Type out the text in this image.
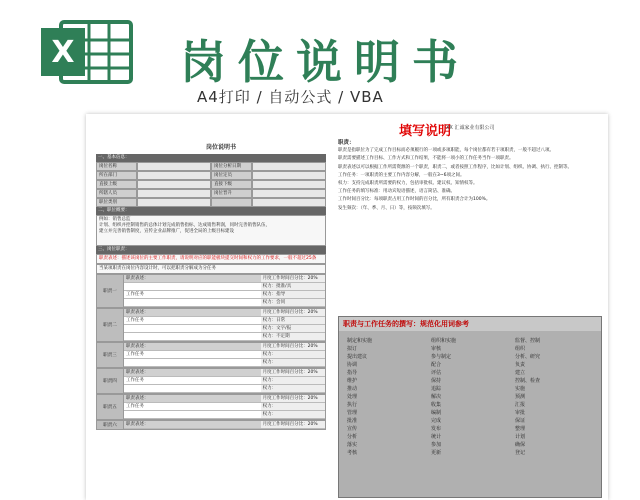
X 岗位说明书
A4打印 / 自动公式 / VBA
岗位说明书
一、基本信息：
岗位名称	岗位分析日期
所在部门	岗位定员
直接上级	直接下级
所辖人员	岗位晋升
职位类别
二、职位概要：
例如：销售总监
计划、组织并控制销售的总体计划完成销售指标，达成销售利润，同时完善销售队伍，
建立并完善销售制度，宣传企业品牌推广，促进全局的上级目标建设
三、岗位职责：
职责表述：描述该岗位的主要工作职责，请说明对应的职能板块提交时间和权力的工作要求，一般不超过25条
当某项职责在岗位内容设计时，可以把职责分解成为分任务
职责一
职责表述：	月度工作时间百分比：20%
权力：批准/具
工作任务	权力：指导
权力：会同
职责二
职责表述：	月度工作时间百分比：20%
工作任务	权力：日常
权力：文字/报
权力：不定期
职责三
职责表述：	月度工作时间百分比：20%
工作任务	权力：
权力：
职责四
职责表述：	月度工作时间百分比：20%
工作任务	权力：
权力：
职责五
职责表述：	月度工作时间百分比：20%
工作任务	权力：
权力：
职责六	职责表述：	月度工作时间百分比：20%
填写说明
XX 汇诚家业有限公司

职责：

职责是指职位为了完成工作目标而必须履行的一项或多项职能，每个岗位都有若干项职责，一般不超过八项。

职责需要描述工作目标、工作方式和工作结果，不能将一项小的工作任务当作一项职责。

职责表述以可以根据工作所需资源的一个职责，职责二，或者按照工作程序，比如计划、组织、协调、执行、控制等。

工作任务：一项职责的主要工作内容分解，一般在3~6项之间。

权力：支持完成职责所需要的权力，包括审批权、建议权、知情权等。

工作任务的填写标准：用动宾短语描述，语言简洁、准确。

工作时间百分比：每项职责占用工作时间的百分比，所有职责合计为100%。

发生频次：（年、季、月、日）等，按频次填写。

职责与工作任务的撰写：规范化用词参考
制定和实施	组织和实施	监督、控制
拟订	审核	组织
提出建议	参与制定	分析、研究
协调	配合	负责
指导	评估	建立
维护	保持	控制、检查
推动	追踪	实施
处理	解决	预测
执行	收集	汇报
管理	编制	审批
批准	完成	保证
宣传	发布	整理
分析	统计	计划
落实	参加	确保
考核	更新	登记
